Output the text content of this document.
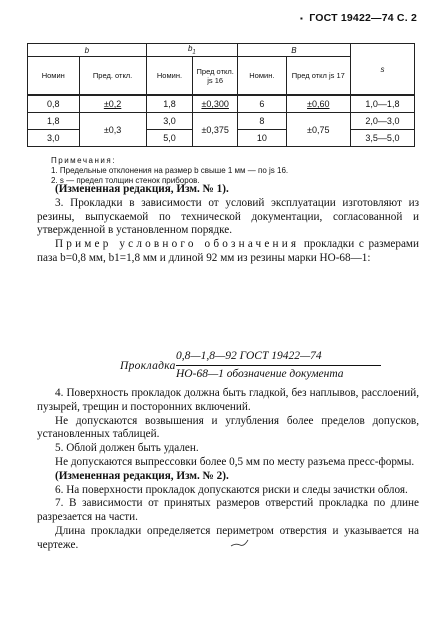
▪ ГОСТ 19422—74 С. 2
b		$b_1$		B		s
Номин	Пред. откл.	Номин.	Пред откл. js 16	Номин.	Пред откл js 17	
0,8	±0,2	1,8	±0,300	6	±0,60	1,0—1,8
1,8	±0,3	3,0	±0,375	8	±0,75	2,0—3,0
3,0		5,0		10		3,5—5,0
Примечания:
1. Предельные отклонения на размер b свыше 1 мм — по js 16.
2. s — предел толщин стенок приборов.

(Измененная редакция, Изм. № 1).

3. Прокладки в зависимости от условий эксплуатации изготовляют из резины, выпускаемой по технической документации, согласованной и утвержденной в установленном порядке.

Пример условного обозначения прокладки с размерами паза b=0,8 мм, b1=1,8 мм и длиной 92 мм из резины марки НО-68—1:

Прокладка
0,8—1,8—92 ГОСТ 19422—74
НО-68—1 обозначение документа

4. Поверхность прокладок должна быть гладкой, без наплывов, расслоений, пузырей, трещин и посторонних включений.

Не допускаются возвышения и углубления более пределов допусков, установленных таблицей.

5. Облой должен быть удален.

Не допускаются выпрессовки более 0,5 мм по месту разъема пресс-формы.

(Измененная редакция, Изм. № 2).

6. На поверхности прокладок допускаются риски и следы зачистки облоя.

7. В зависимости от принятых размеров отверстий прокладка по длине разрезается на части.

Длина прокладки определяется периметром отверстия и указывается на чертеже.
